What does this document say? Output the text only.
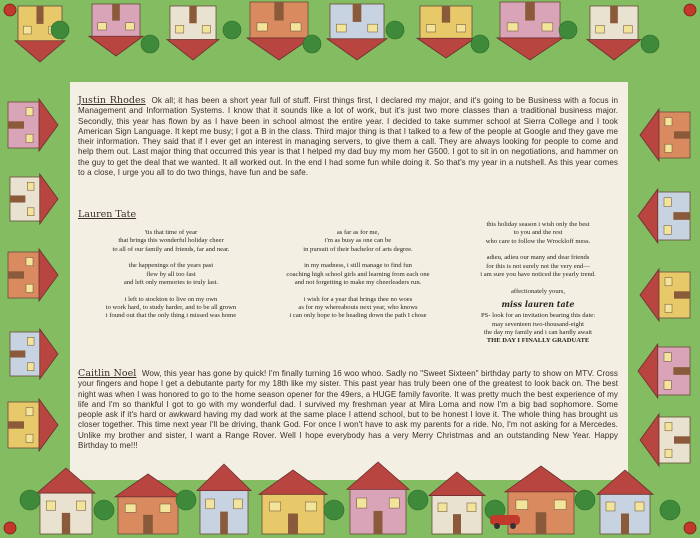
Justin Rhodes Ok all; it has been a short year full of stuff. First things first, I declared my major, and it's going to be Business with a focus in Management and Information Systems. I know that it sounds like a lot of work, but it's just two more classes than a traditional business major. Secondly, this year has flown by as I have been in school almost the entire year. I decided to take summer school at Sierra College and I took American Sign Language. It kept me busy; I got a B in the class. Third major thing is that I talked to a few of the people at Google and they gave me their information. They said that if I ever get an interest in managing servers, to give them a call. They are always looking for people to come and help them out. Last major thing that occurred this year is that I helped my dad buy my mom her G500. I got to sit in on negotiations, and hammer on the guy to get the deal that we wanted. It all worked out. In the end I had some fun while doing it. So that's my year in a nutshell. As this year comes to a close, I urge you all to do two things, have fun and be safe.
Lauren Tate

'tis that time of year
that brings this wonderful holiday cheer
to all of our family and friends, far and near.

the happenings of the years past
flew by all too fast
and left only memories to truly last.

i left to stockton to live on my own
to work hard, to study harder, and to be all grown
i found out that the only thing i missed was home

as far as for me,
i'm as busy as one can be
in pursuit of their bachelor of arts degree.

in my madness, i still manage to find fun
coaching high school girls and learning from each one
and not forgetting to make my cheerleaders run.

i wish for a year that brings thee no woes
as for my whereabouts next year, who knows
i can only hope to be heading down the path I chose

this holiday season i wish only the best
to you and the rest
who care to follow the Wrockloff mess.

adieu, adieu our many and dear friends
for this is not surely not the very end—
i am sure you have noticed the yearly trend.

affectionately yours,

miss lauren tate

PS- look for an invitation bearing this date:
may seventeen two-thousand-eight
the day my family and i can hardly await
THE DAY I FINALLY GRADUATE

Caitlin Noel Wow, this year has gone by quick! I'm finally turning 16 woo whoo. Sadly no "Sweet Sixteen" birthday party to show on MTV. Cross your fingers and hope I get a debutante party for my 18th like my sister. This past year has truly been one of the greatest to look back on. The best night was when I was honored to go to the home season opener for the 49ers, a HUGE family favorite. It was pretty much the best experience of my life and I'm so thankful I got to go with my wonderful dad. I survived my freshman year at Mira Loma and now I'm a big bad sophomore. Some people ask if it's hard or awkward having my dad work at the same place I attend school, but to be honest I love it. The whole thing has brought us closer together. This time next year I'll be driving, thank God. For once I won't have to ask my parents for a ride. No, I'm not asking for a Mercedes. Unlike my brother and sister, I want a Range Rover. Well I hope everybody has a very Merry Christmas and an outstanding New Year. Happy Birthday to me!!!
